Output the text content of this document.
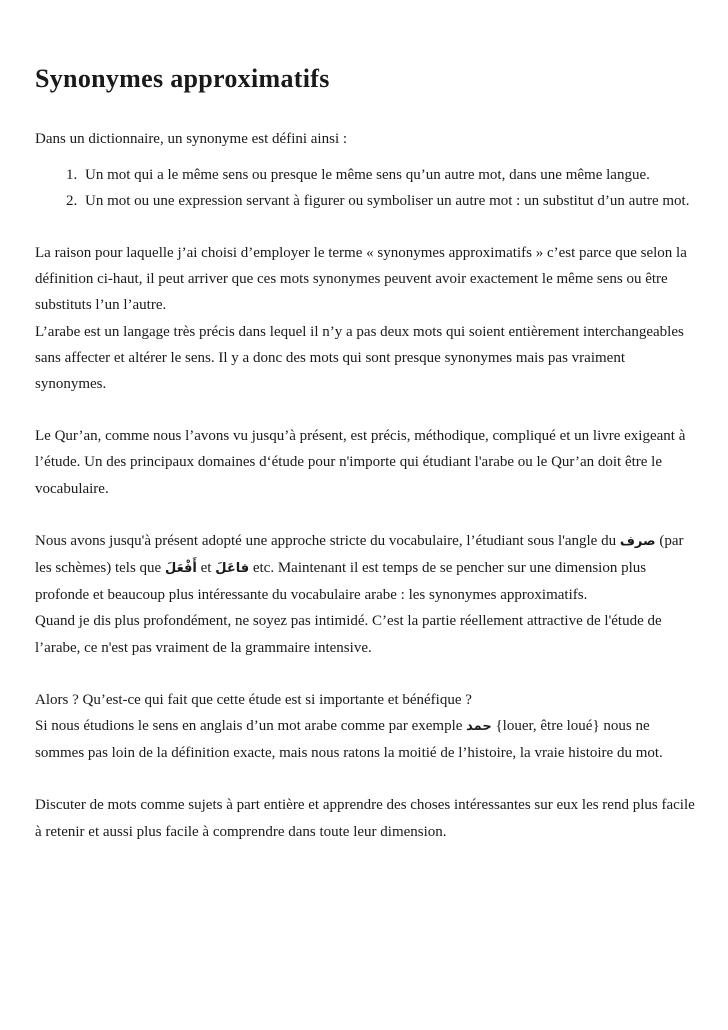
Synonymes approximatifs

Dans un dictionnaire, un synonyme est défini ainsi :

1. Un mot qui a le même sens ou presque le même sens qu’un autre mot, dans une même langue.
2. Un mot ou une expression servant à figurer ou symboliser un autre mot : un substitut d’un autre mot.

La raison pour laquelle j’ai choisi d’employer le terme « synonymes approximatifs » c’est parce que selon la définition ci-haut, il peut arriver que ces mots synonymes peuvent avoir exactement le même sens ou être substituts l’un l’autre.

L’arabe est un langage très précis dans lequel il n’y a pas deux mots qui soient entièrement interchangeables sans affecter et altérer le sens. Il y a donc des mots qui sont presque synonymes mais pas vraiment synonymes.

Le Qur’an, comme nous l’avons vu jusqu’à présent, est précis, méthodique, compliqué et un livre exigeant à l’étude. Un des principaux domaines d‘étude pour n'importe qui étudiant l'arabe ou le Qur’an doit être le vocabulaire.

Nous avons jusqu'à présent adopté une approche stricte du vocabulaire, l’étudiant sous l'angle du صرف (par les schèmes) tels que أَفْعَلَ et فاعَلَ etc. Maintenant il est temps de se pencher sur une dimension plus profonde et beaucoup plus intéressante du vocabulaire arabe : les synonymes approximatifs.

Quand je dis plus profondément, ne soyez pas intimidé. C’est la partie réellement attractive de l'étude de l’arabe, ce n'est pas vraiment de la grammaire intensive.

Alors ? Qu’est-ce qui fait que cette étude est si importante et bénéfique ?

Si nous étudions le sens en anglais d’un mot arabe comme par exemple حمد {louer, être loué} nous ne sommes pas loin de la définition exacte, mais nous ratons la moitié de l’histoire, la vraie histoire du mot.

Discuter de mots comme sujets à part entière et apprendre des choses intéressantes sur eux les rend plus facile à retenir et aussi plus facile à comprendre dans toute leur dimension.
